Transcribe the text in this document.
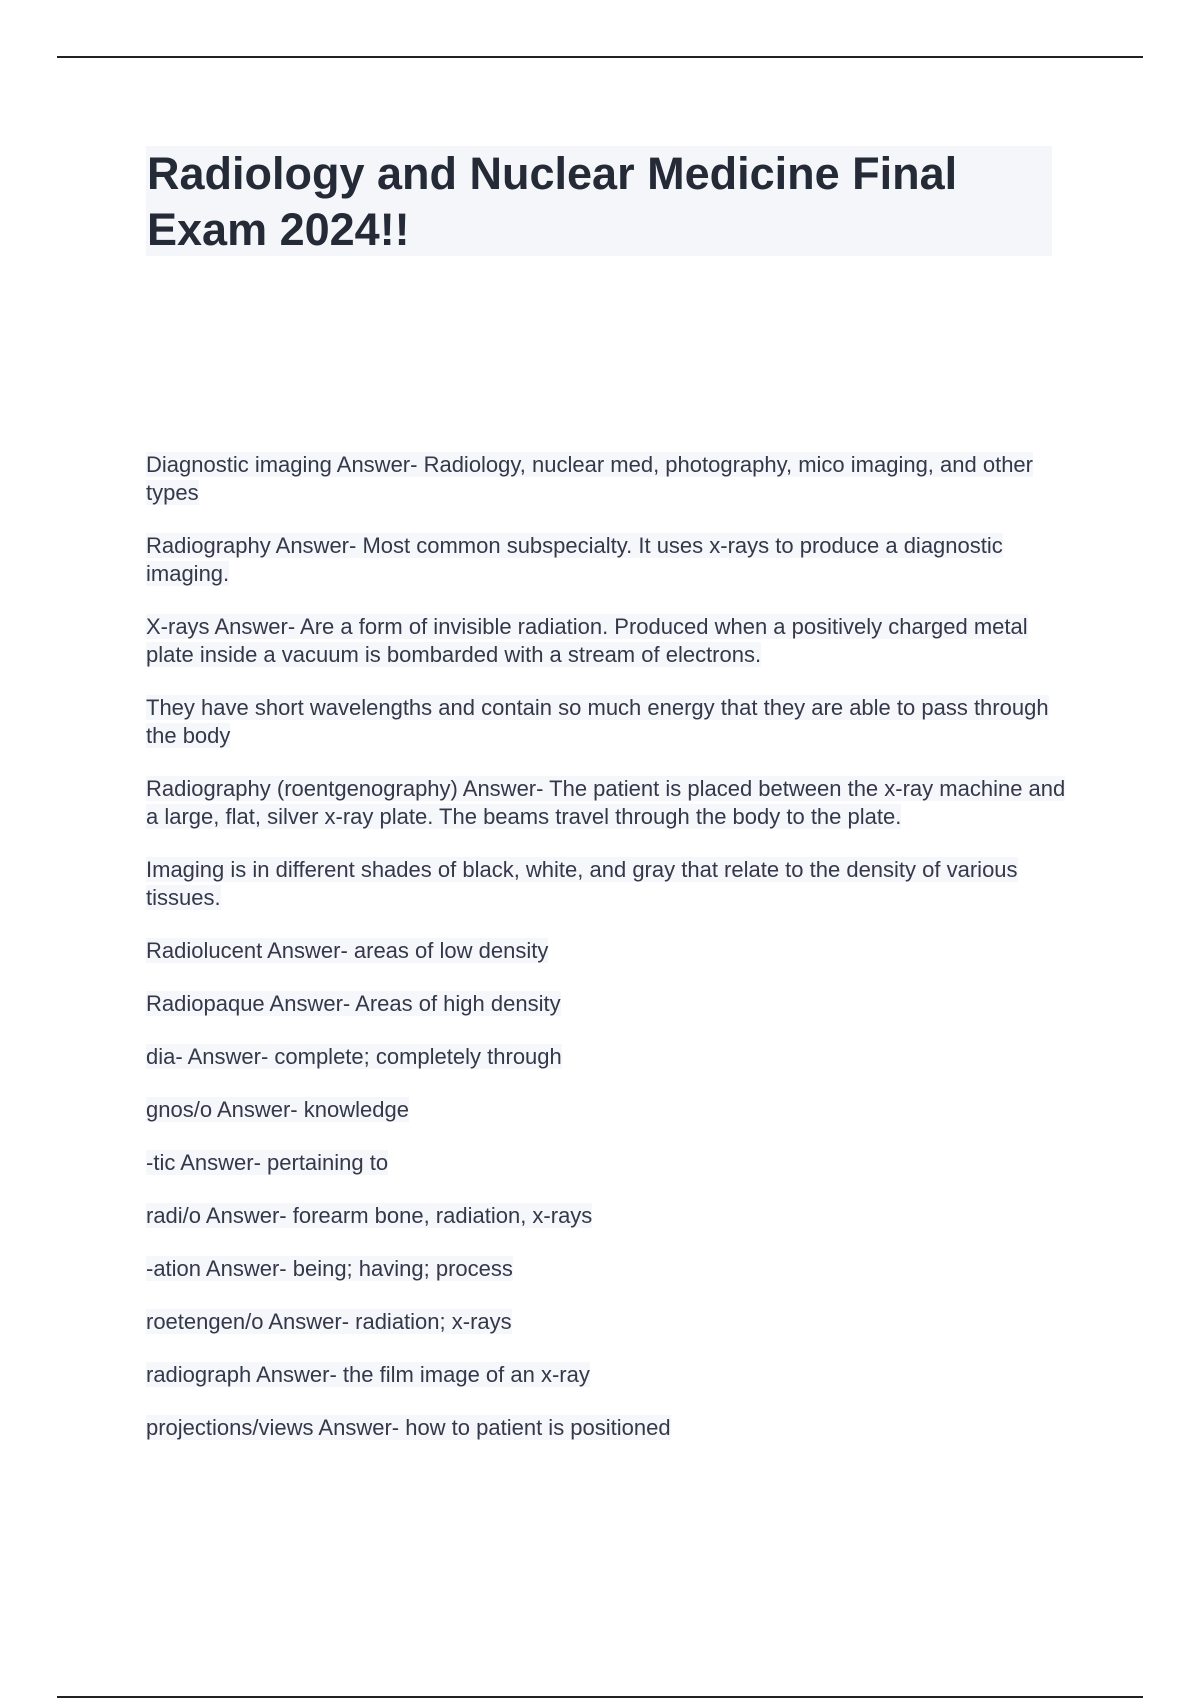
Radiology and Nuclear Medicine Final Exam 2024!!

Diagnostic imaging Answer- Radiology, nuclear med, photography, mico imaging, and other types

Radiography Answer- Most common subspecialty. It uses x-rays to produce a diagnostic imaging.

X-rays Answer- Are a form of invisible radiation. Produced when a positively charged metal plate inside a vacuum is bombarded with a stream of electrons.

They have short wavelengths and contain so much energy that they are able to pass through the body

Radiography (roentgenography) Answer- The patient is placed between the x-ray machine and a large, flat, silver x-ray plate. The beams travel through the body to the plate.

Imaging is in different shades of black, white, and gray that relate to the density of various tissues.

Radiolucent Answer- areas of low density

Radiopaque Answer- Areas of high density

dia- Answer- complete; completely through

gnos/o Answer- knowledge

-tic Answer- pertaining to

radi/o Answer- forearm bone, radiation, x-rays

-ation Answer- being; having; process

roetengen/o Answer- radiation; x-rays

radiograph Answer- the film image of an x-ray

projections/views Answer- how to patient is positioned
